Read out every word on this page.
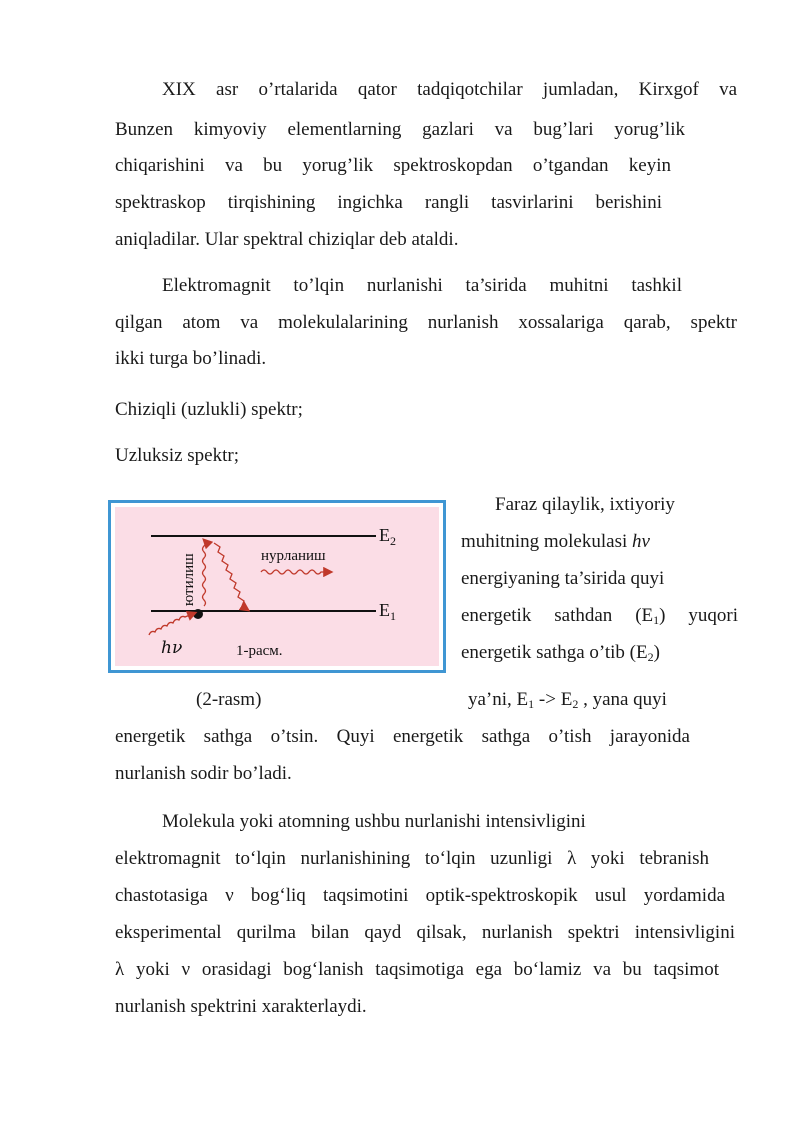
XIX asr o’rtalarida qator tadqiqotchilar jumladan, Kirxgof va
Bunzen kimyoviy elementlarning gazlari va bug’lari yorug’lik
chiqarishini va bu yorug’lik spektroskopdan o’tgandan keyin
spektraskop tirqishining ingichka rangli tasvirlarini berishini
aniqladilar. Ular spektral chiziqlar deb ataldi.
Elektromagnit to’lqin nurlanishi ta’sirida muhitni tashkil
qilgan atom va molekulalarining nurlanish xossalariga qarab, spektr
ikki turga bo’linadi.
Chiziqli (uzlukli) spektr;
Uzluksiz spektr;
$E_2$
$E_1$
нурланиш
ютилиш
hν	1-расм.
Faraz qilaylik, ixtiyoriy
muhitning molekulasi hν
energiyaning ta’sirida quyi
energetik sathdan $(E_1)$ yuqori
energetik sathga o’tib $(E_2)$
(2-rasm)	ya’ni, $E_1 -> E_2$ , yana quyi
energetik sathga o’tsin. Quyi energetik sathga o’tish jarayonida
nurlanish sodir bo’ladi.
Molekula yoki atomning ushbu nurlanishi intensivligini
elektromagnit to‘lqin nurlanishining to‘lqin uzunligi λ yoki tebranish
chastotasiga ν bog‘liq taqsimotini optik-spektroskopik usul yordamida
eksperimental qurilma bilan qayd qilsak, nurlanish spektri intensivligini
λ yoki ν orasidagi bog‘lanish taqsimotiga ega bo‘lamiz va bu taqsimot
nurlanish spektrini xarakterlaydi.
